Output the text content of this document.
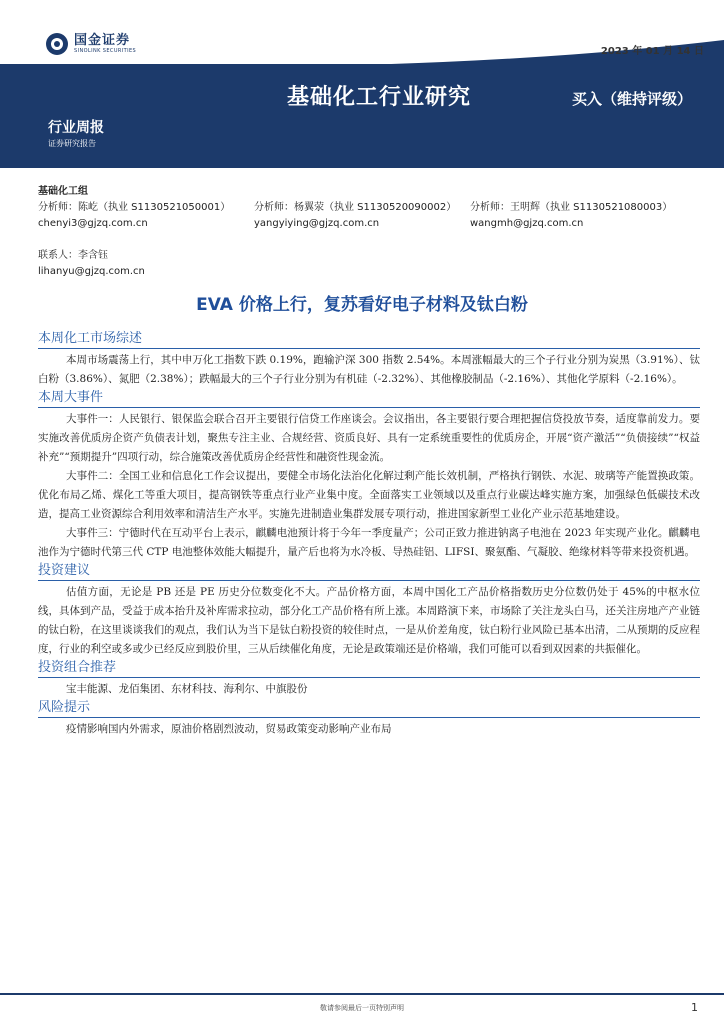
国金证券
SINOLINK SECURITIES	2023 年 01 月 14 日
基础化工行业研究	买入（维持评级）
行业周报
证券研究报告
基础化工组
分析师：陈屹（执业 S1130521050001）
chenyi3@gjzq.com.cn
分析师：杨翼荥（执业 S1130520090002）
yangyiying@gjzq.com.cn
分析师：王明辉（执业 S1130521080003）
wangmh@gjzq.com.cn
联系人：李含钰
lihanyu@gjzq.com.cn
EVA 价格上行，复苏看好电子材料及钛白粉
本周化工市场综述

本周市场震荡上行，其中申万化工指数下跌 0.19%，跑输沪深 300 指数 2.54%。本周涨幅最大的三个子行业分别为炭黑（3.91%）、钛白粉（3.86%）、氮肥（2.38%）；跌幅最大的三个子行业分别为有机硅（-2.32%）、其他橡胶制品（-2.16%）、其他化学原料（-2.16%）。

本周大事件

大事件一：人民银行、银保监会联合召开主要银行信贷工作座谈会。会议指出，各主要银行要合理把握信贷投放节奏，适度靠前发力。要实施改善优质房企资产负债表计划，聚焦专注主业、合规经营、资质良好、具有一定系统重要性的优质房企，开展“资产激活”“负债接续”“权益补充”“预期提升”四项行动，综合施策改善优质房企经营性和融资性现金流。

大事件二：全国工业和信息化工作会议提出，要健全市场化法治化化解过剩产能长效机制，严格执行钢铁、水泥、玻璃等产能置换政策。优化布局乙烯、煤化工等重大项目，提高钢铁等重点行业产业集中度。全面落实工业领域以及重点行业碳达峰实施方案，加强绿色低碳技术改造，提高工业资源综合利用效率和清洁生产水平。实施先进制造业集群发展专项行动，推进国家新型工业化产业示范基地建设。

大事件三：宁德时代在互动平台上表示，麒麟电池预计将于今年一季度量产；公司正致力推进钠离子电池在 2023 年实现产业化。麒麟电池作为宁德时代第三代 CTP 电池整体效能大幅提升，量产后也将为水冷板、导热硅铝、LIFSI、聚氨酯、气凝胶、绝缘材料等带来投资机遇。

投资建议

估值方面，无论是 PB 还是 PE 历史分位数变化不大。产品价格方面，本周中国化工产品价格指数历史分位数仍处于 45%的中枢水位线，具体到产品，受益于成本抬升及补库需求拉动，部分化工产品价格有所上涨。本周路演下来，市场除了关注龙头白马，还关注房地产产业链的钛白粉，在这里谈谈我们的观点，我们认为当下是钛白粉投资的较佳时点，一是从价差角度，钛白粉行业风险已基本出清，二从预期的反应程度，行业的利空或多或少已经反应到股价里，三从后续催化角度，无论是政策端还是价格端，我们可能可以看到双因素的共振催化。

投资组合推荐

宝丰能源、龙佰集团、东材科技、海利尔、中旗股份

风险提示

疫情影响国内外需求，原油价格剧烈波动，贸易政策变动影响产业布局

敬请参阅最后一页特别声明	1
